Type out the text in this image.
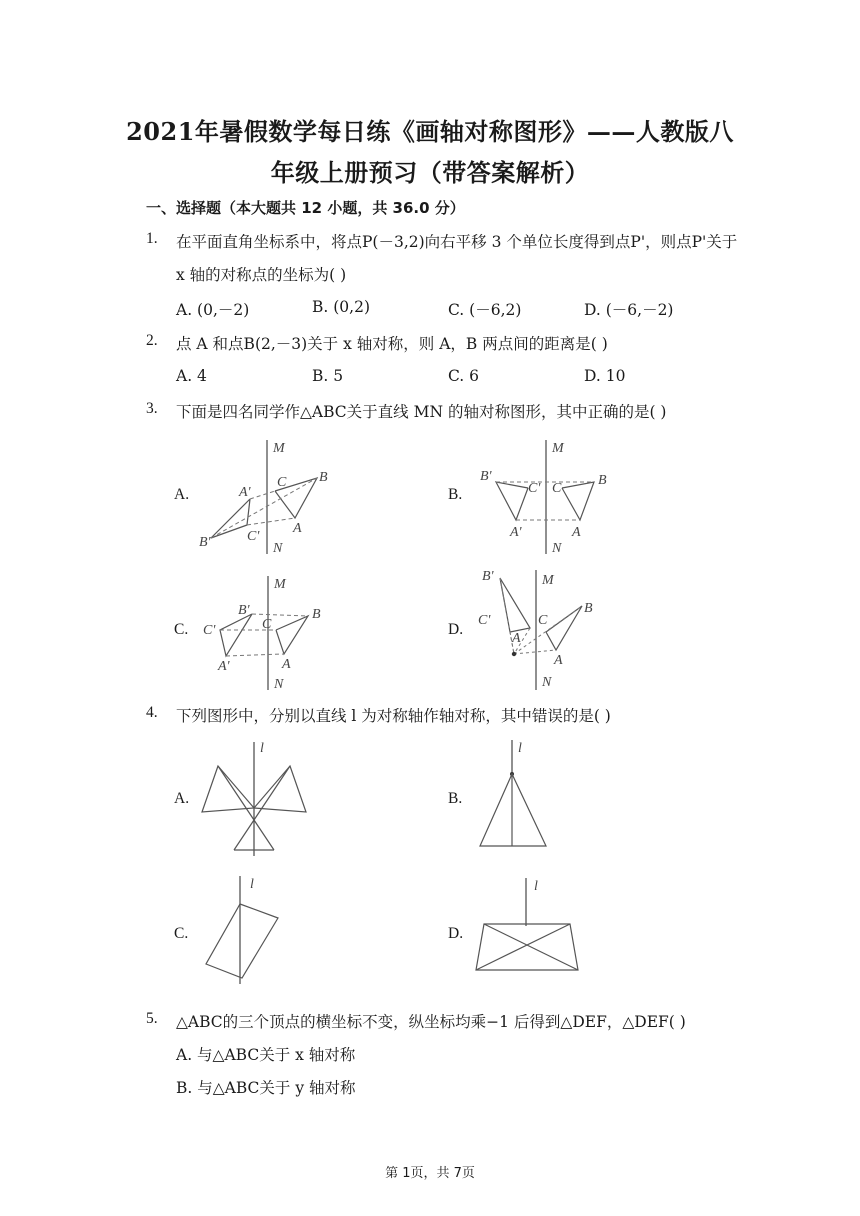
2021年暑假数学每日练《画轴对称图形》——人教版八
年级上册预习（带答案解析）
一、选择题（本大题共 12 小题，共 36.0 分）
1. 在平面直角坐标系中，将点P(－3,2)向右平移 3 个单位长度得到点P'，则点P'关于
x 轴的对称点的坐标为( )
A. (0,－2)	B. (0,2)	C. (－6,2)	D. (－6,－2)
2. 点 A 和点B(2,－3)关于 x 轴对称，则 A，B 两点间的距离是( )
A. 4	B. 5	C. 6	D. 10
3. 下面是四名同学作△ABC关于直线 MN 的轴对称图形，其中正确的是( )
A.	B.
C.	D.
M
N
C B
A
A'
B'	C'
M
N
C
B
A
B'
C'
A'
M
N
C
B
A
B'
C'
A'
M
N
C
B
A
A
B'
C'
4. 下列图形中，分别以直线 l 为对称轴作轴对称，其中错误的是( )
A.	B.
C.	D.
l	l
l	l
5. △ABC的三个顶点的横坐标不变，纵坐标均乘−1 后得到△DEF，△DEF( )
A. 与△ABC关于 x 轴对称
B. 与△ABC关于 y 轴对称
第 1页，共 7页
